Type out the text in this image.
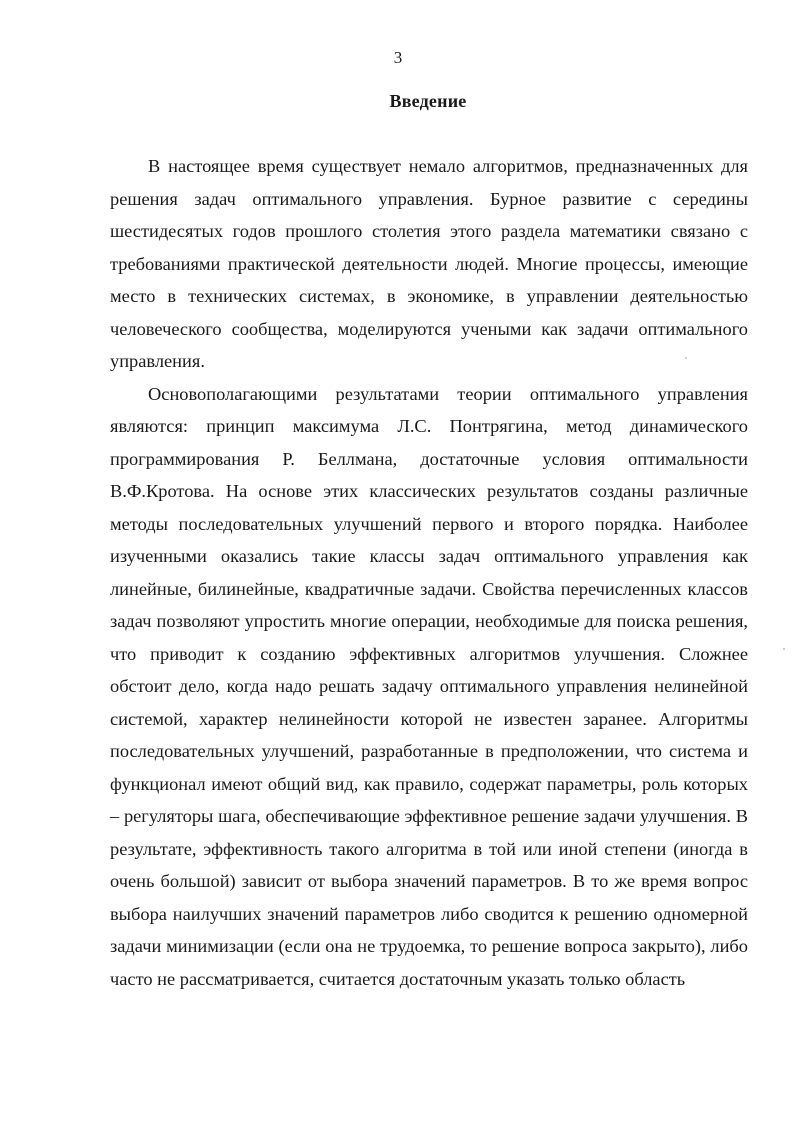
3
Введение

В настоящее время существует немало алгоритмов, предназначенных для решения задач оптимального управления. Бурное развитие с середины шестидесятых годов прошлого столетия этого раздела математики связано с требованиями практической деятельности людей. Многие процессы, имеющие место в технических системах, в экономике, в управлении деятельностью человеческого сообщества, моделируются учеными как задачи оптимального управления.

Основополагающими результатами теории оптимального управления являются: принцип максимума Л.С. Понтрягина, метод динамического программирования Р. Беллмана, достаточные условия оптимальности В.Ф.Кротова. На основе этих классических результатов созданы различные методы последовательных улучшений первого и второго порядка. Наиболее изученными оказались такие классы задач оптимального управления как линейные, билинейные, квадратичные задачи. Свойства перечисленных классов задач позволяют упростить многие операции, необходимые для поиска решения, что приводит к созданию эффективных алгоритмов улучшения. Сложнее обстоит дело, когда надо решать задачу оптимального управления нелинейной системой, характер нелинейности которой не известен заранее. Алгоритмы последовательных улучшений, разработанные в предположении, что система и функционал имеют общий вид, как правило, содержат параметры, роль которых – регуляторы шага, обеспечивающие эффективное решение задачи улучшения. В результате, эффективность такого алгоритма в той или иной степени (иногда в очень большой) зависит от выбора значений параметров. В то же время вопрос выбора наилучших значений параметров либо сводится к решению одномерной задачи минимизации (если она не трудоемка, то решение вопроса закрыто), либо часто не рассматривается, считается достаточным указать только область
